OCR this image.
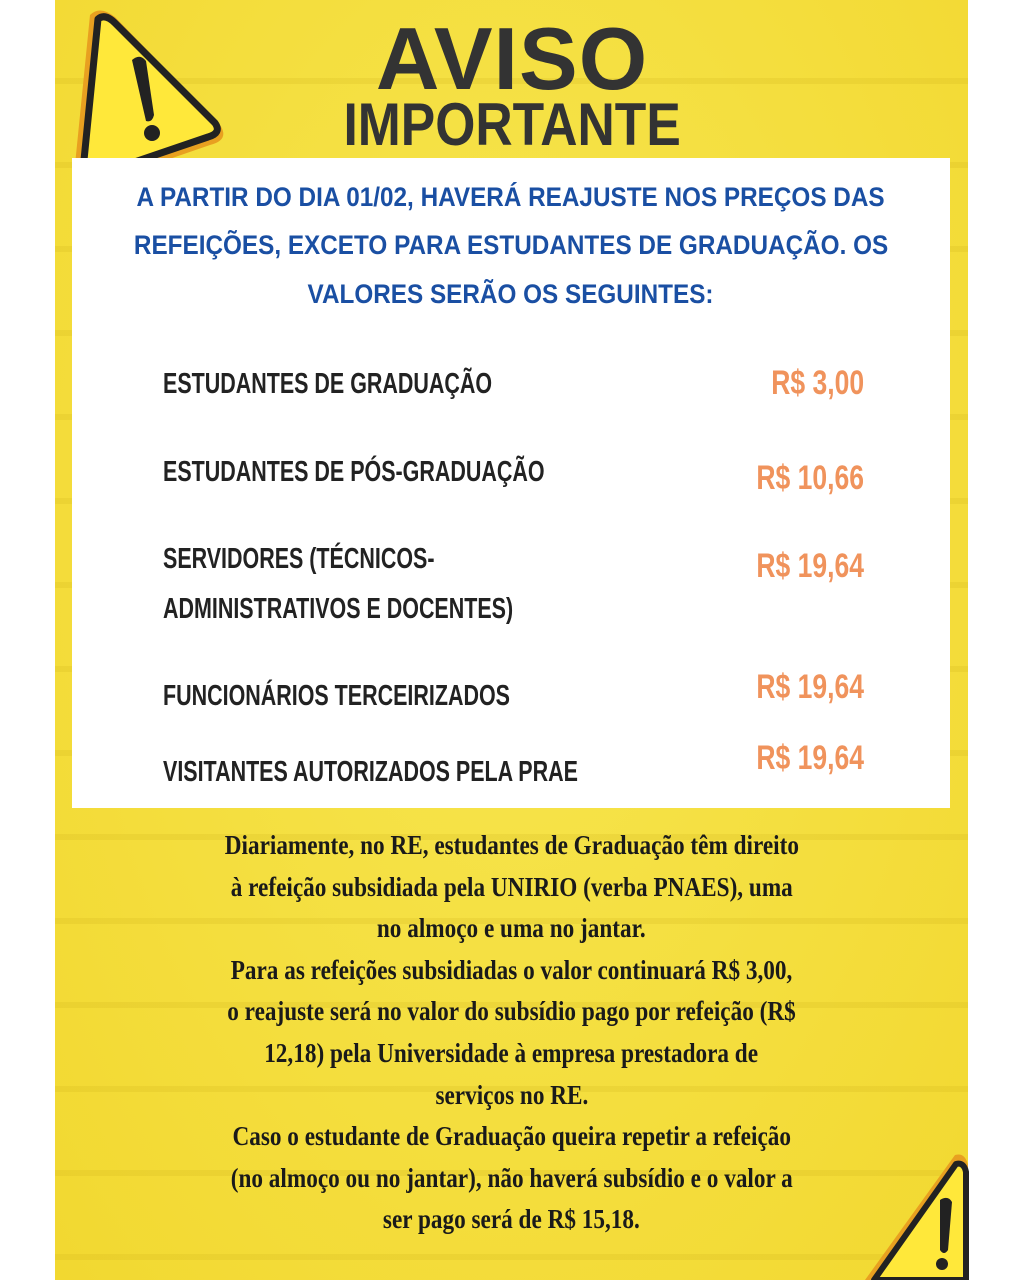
AVISO
IMPORTANTE
A PARTIR DO DIA 01/02, HAVERÁ REAJUSTE NOS PREÇOS DAS
REFEIÇÕES, EXCETO PARA ESTUDANTES DE GRADUAÇÃO. OS
VALORES SERÃO OS SEGUINTES:
ESTUDANTES DE GRADUAÇÃO	R$ 3,00
ESTUDANTES DE PÓS-GRADUAÇÃO	R$ 10,66
SERVIDORES (TÉCNICOS-
ADMINISTRATIVOS E DOCENTES)
R$ 19,64
FUNCIONÁRIOS TERCEIRIZADOS	R$ 19,64
VISITANTES AUTORIZADOS PELA PRAE	R$ 19,64
Diariamente, no RE, estudantes de Graduação têm direito
à refeição subsidiada pela UNIRIO (verba PNAES), uma
no almoço e uma no jantar.
Para as refeições subsidiadas o valor continuará R$ 3,00,
o reajuste será no valor do subsídio pago por refeição (R$
12,18) pela Universidade à empresa prestadora de
serviços no RE.
Caso o estudante de Graduação queira repetir a refeição
(no almoço ou no jantar), não haverá subsídio e o valor a
ser pago será de R$ 15,18.
